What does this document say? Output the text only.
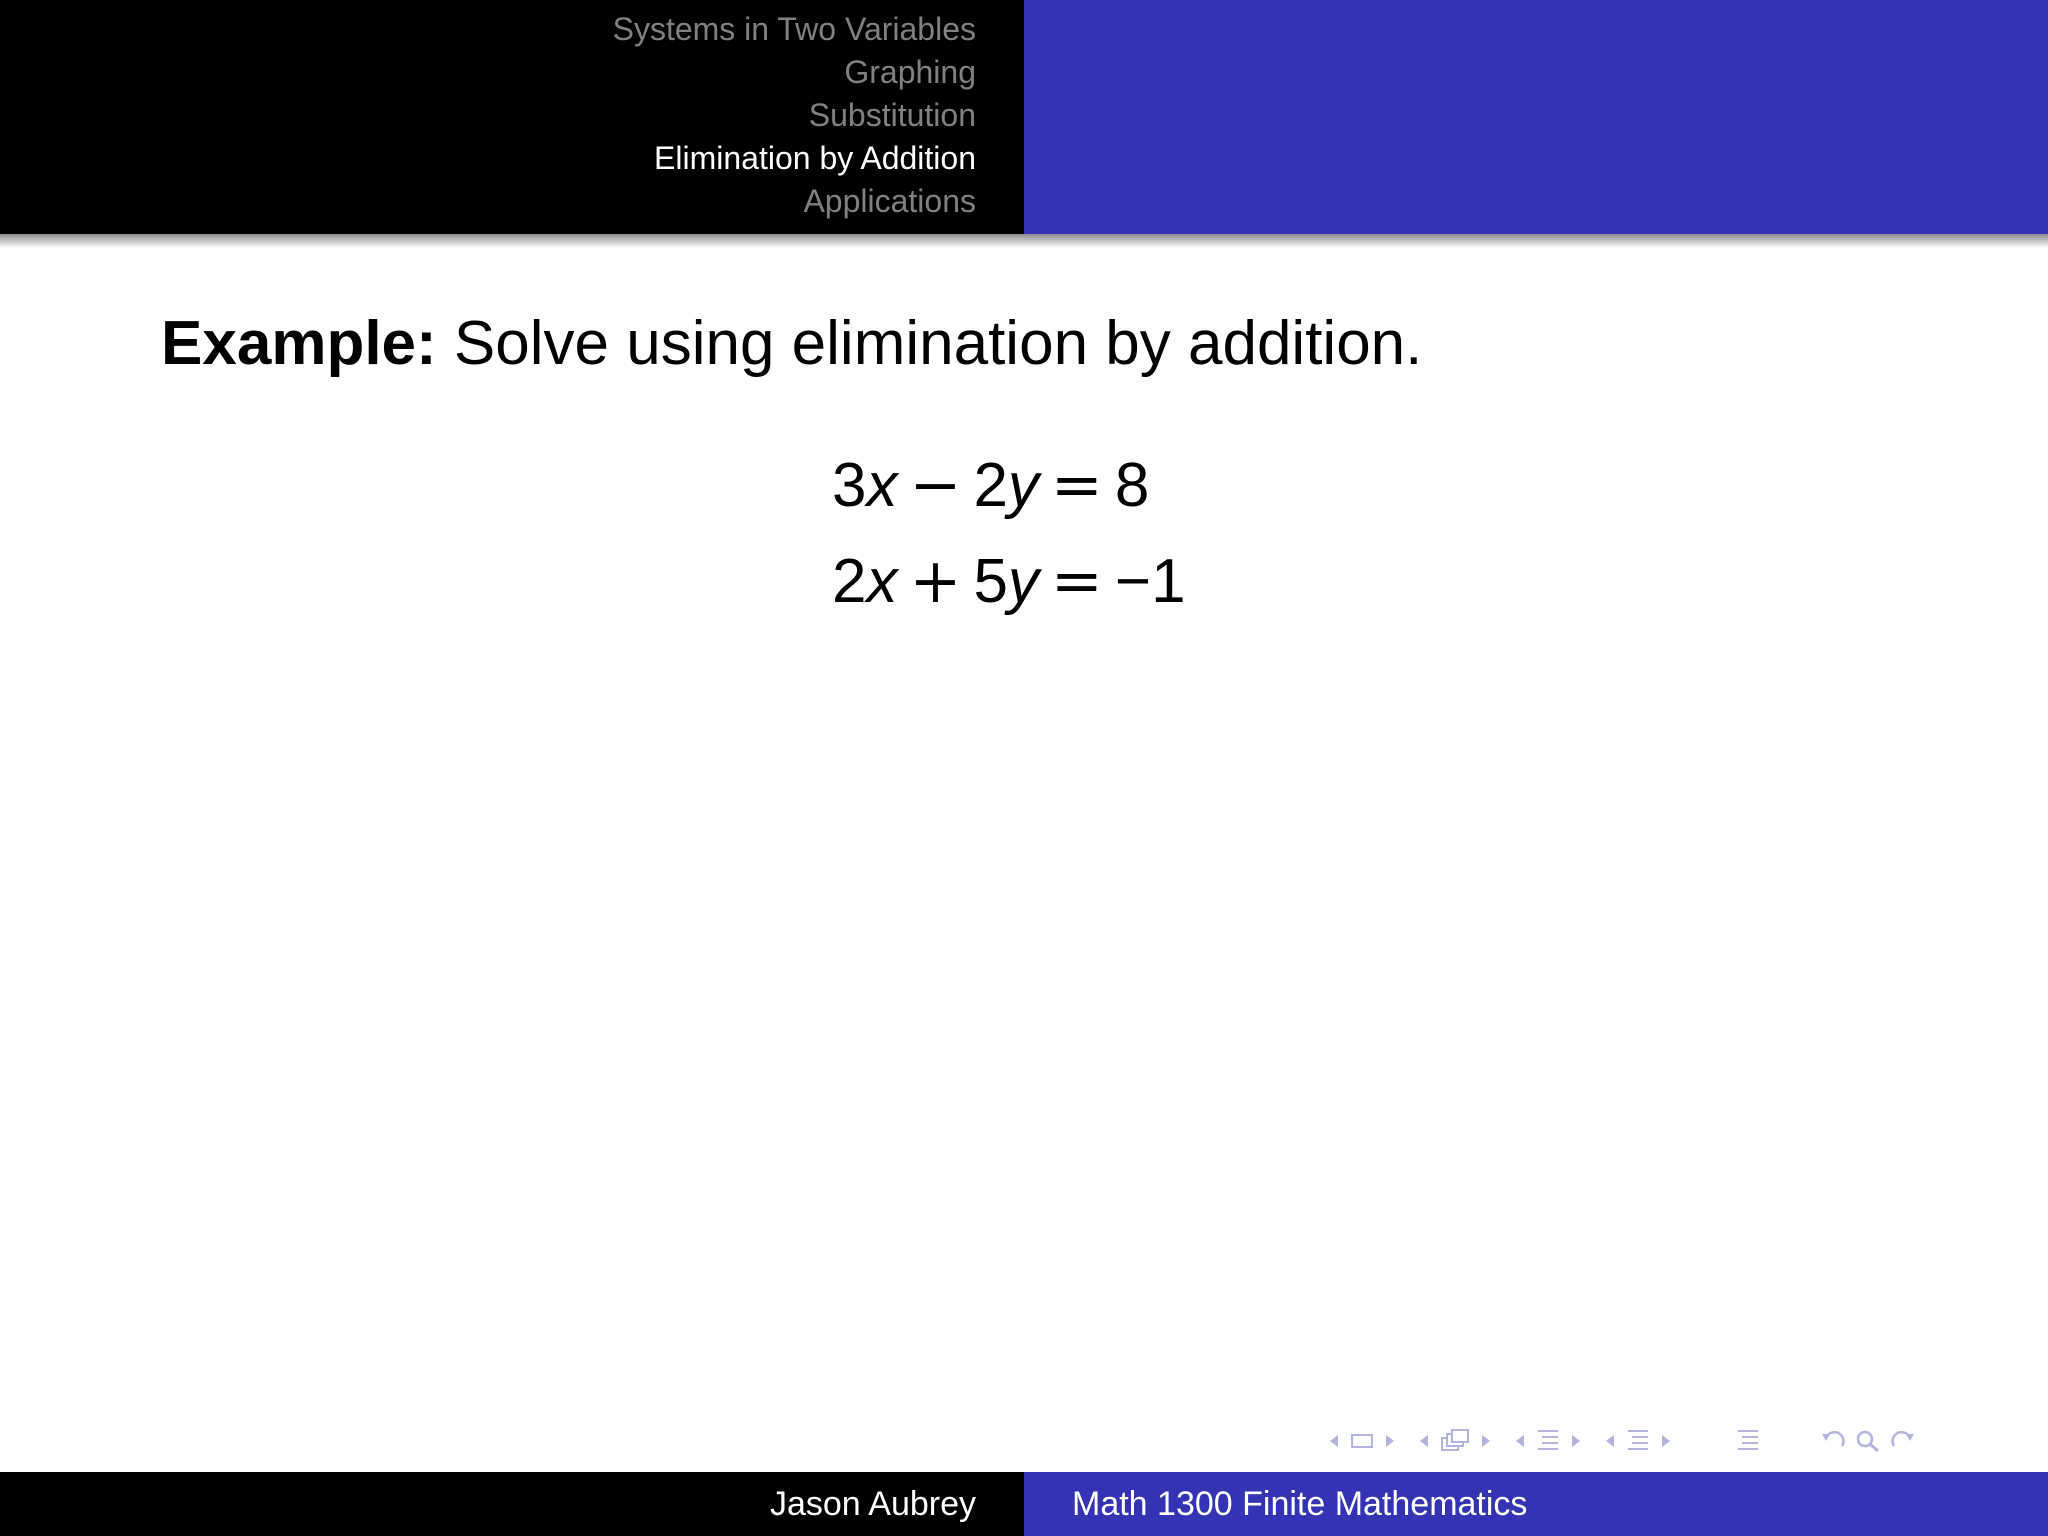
Systems in Two Variables
Graphing
Substitution
Elimination by Addition
Applications
Example: Solve using elimination by addition.
3x − 2y = 8
2x + 5y = −1
Jason Aubrey	Math 1300 Finite Mathematics
